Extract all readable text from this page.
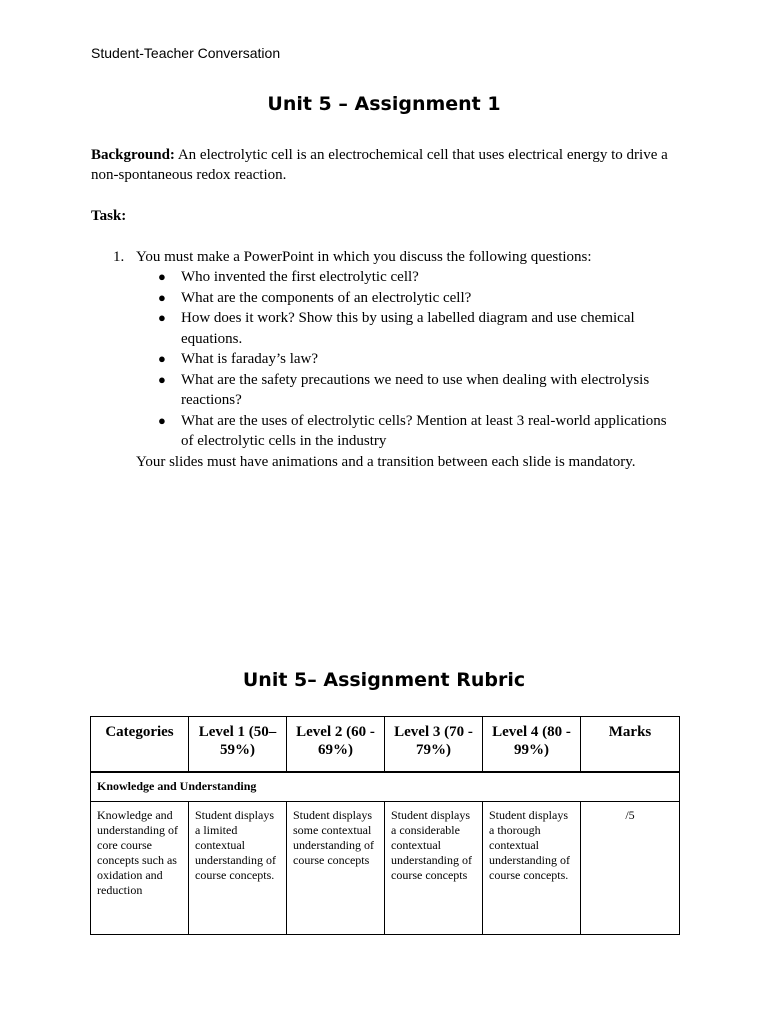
Student-Teacher Conversation
Unit 5 – Assignment 1
Background: An electrolytic cell is an electrochemical cell that uses electrical energy to drive a non-spontaneous redox reaction.
Task:
1. You must make a PowerPoint in which you discuss the following questions:
● Who invented the first electrolytic cell?
● What are the components of an electrolytic cell?
● How does it work? Show this by using a labelled diagram and use chemical equations.
● What is faraday’s law?
● What are the safety precautions we need to use when dealing with electrolysis reactions?
● What are the uses of electrolytic cells? Mention at least 3 real-world applications of electrolytic cells in the industry
Your slides must have animations and a transition between each slide is mandatory.
Unit 5– Assignment Rubric
Categories	Level 1 (50–59%)	Level 2 (60 - 69%)	Level 3 (70 - 79%)	Level 4 (80 - 99%)	Marks
Knowledge and Understanding					
Knowledge and understanding of core course concepts such as oxidation and reduction	Student displays a limited contextual understanding of course concepts.	Student displays some contextual understanding of course concepts	Student displays a considerable contextual understanding of course concepts	Student displays a thorough contextual understanding of course concepts.	/5
